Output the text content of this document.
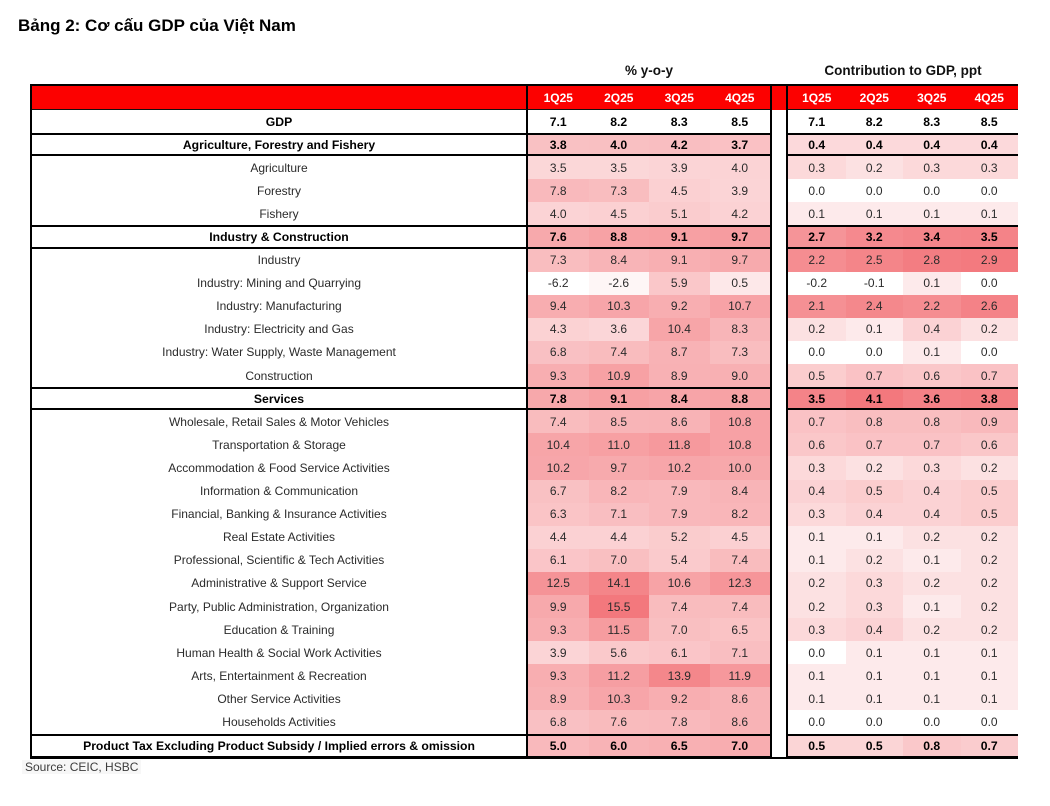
Bảng 2: Cơ cấu GDP của Việt Nam
% y-o-y	Contribution to GDP, ppt
1Q25	2Q25	3Q25	4Q25	1Q25	2Q25	3Q25	4Q25
GDP	7.1	8.2	8.3	8.5	7.1	8.2	8.3	8.5
Agriculture, Forestry and Fishery	3.8	4.0	4.2	3.7	0.4	0.4	0.4	0.4
Agriculture	3.5	3.5	3.9	4.0	0.3	0.2	0.3	0.3
Forestry	7.8	7.3	4.5	3.9	0.0	0.0	0.0	0.0
Fishery	4.0	4.5	5.1	4.2	0.1	0.1	0.1	0.1
Industry & Construction	7.6	8.8	9.1	9.7	2.7	3.2	3.4	3.5
Industry	7.3	8.4	9.1	9.7	2.2	2.5	2.8	2.9
Industry: Mining and Quarrying	-6.2	-2.6	5.9	0.5	-0.2	-0.1	0.1	0.0
Industry: Manufacturing	9.4	10.3	9.2	10.7	2.1	2.4	2.2	2.6
Industry: Electricity and Gas	4.3	3.6	10.4	8.3	0.2	0.1	0.4	0.2
Industry: Water Supply, Waste Management	6.8	7.4	8.7	7.3	0.0	0.0	0.1	0.0
Construction	9.3	10.9	8.9	9.0	0.5	0.7	0.6	0.7
Services	7.8	9.1	8.4	8.8	3.5	4.1	3.6	3.8
Wholesale, Retail Sales & Motor Vehicles	7.4	8.5	8.6	10.8	0.7	0.8	0.8	0.9
Transportation & Storage	10.4	11.0	11.8	10.8	0.6	0.7	0.7	0.6
Accommodation & Food Service Activities	10.2	9.7	10.2	10.0	0.3	0.2	0.3	0.2
Information & Communication	6.7	8.2	7.9	8.4	0.4	0.5	0.4	0.5
Financial, Banking & Insurance Activities	6.3	7.1	7.9	8.2	0.3	0.4	0.4	0.5
Real Estate Activities	4.4	4.4	5.2	4.5	0.1	0.1	0.2	0.2
Professional, Scientific & Tech Activities	6.1	7.0	5.4	7.4	0.1	0.2	0.1	0.2
Administrative & Support Service	12.5	14.1	10.6	12.3	0.2	0.3	0.2	0.2
Party, Public Administration, Organization	9.9	15.5	7.4	7.4	0.2	0.3	0.1	0.2
Education & Training	9.3	11.5	7.0	6.5	0.3	0.4	0.2	0.2
Human Health & Social Work Activities	3.9	5.6	6.1	7.1	0.0	0.1	0.1	0.1
Arts, Entertainment & Recreation	9.3	11.2	13.9	11.9	0.1	0.1	0.1	0.1
Other Service Activities	8.9	10.3	9.2	8.6	0.1	0.1	0.1	0.1
Households Activities	6.8	7.6	7.8	8.6	0.0	0.0	0.0	0.0
Product Tax Excluding Product Subsidy / Implied errors & omission	5.0	6.0	6.5	7.0	0.5	0.5	0.8	0.7
Source: CEIC, HSBC
